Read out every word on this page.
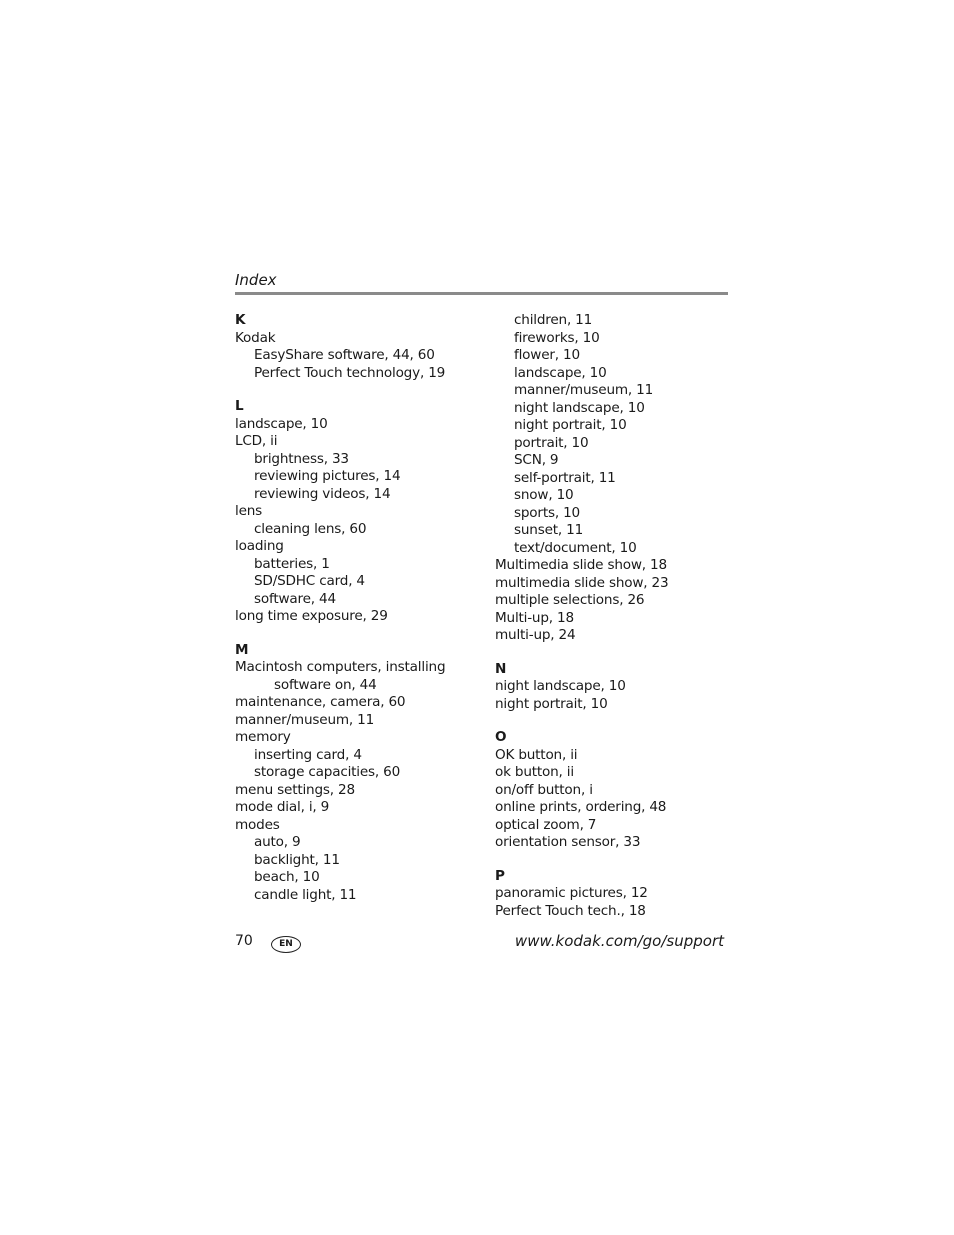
Index
K
Kodak
EasyShare software, 44, 60
Perfect Touch technology, 19
L
landscape, 10
LCD, ii
brightness, 33
reviewing pictures, 14
reviewing videos, 14
lens
cleaning lens, 60
loading
batteries, 1
SD/SDHC card, 4
software, 44
long time exposure, 29
M
Macintosh computers, installing
software on, 44
maintenance, camera, 60
manner/museum, 11
memory
inserting card, 4
storage capacities, 60
menu settings, 28
mode dial, i, 9
modes
auto, 9
backlight, 11
beach, 10
candle light, 11
children, 11
fireworks, 10
flower, 10
landscape, 10
manner/museum, 11
night landscape, 10
night portrait, 10
portrait, 10
SCN, 9
self-portrait, 11
snow, 10
sports, 10
sunset, 11
text/document, 10
Multimedia slide show, 18
multimedia slide show, 23
multiple selections, 26
Multi-up, 18
multi-up, 24
N
night landscape, 10
night portrait, 10
O
OK button, ii
ok button, ii
on/off button, i
online prints, ordering, 48
optical zoom, 7
orientation sensor, 33
P
panoramic pictures, 12
Perfect Touch tech., 18
70	EN	www.kodak.com/go/support
